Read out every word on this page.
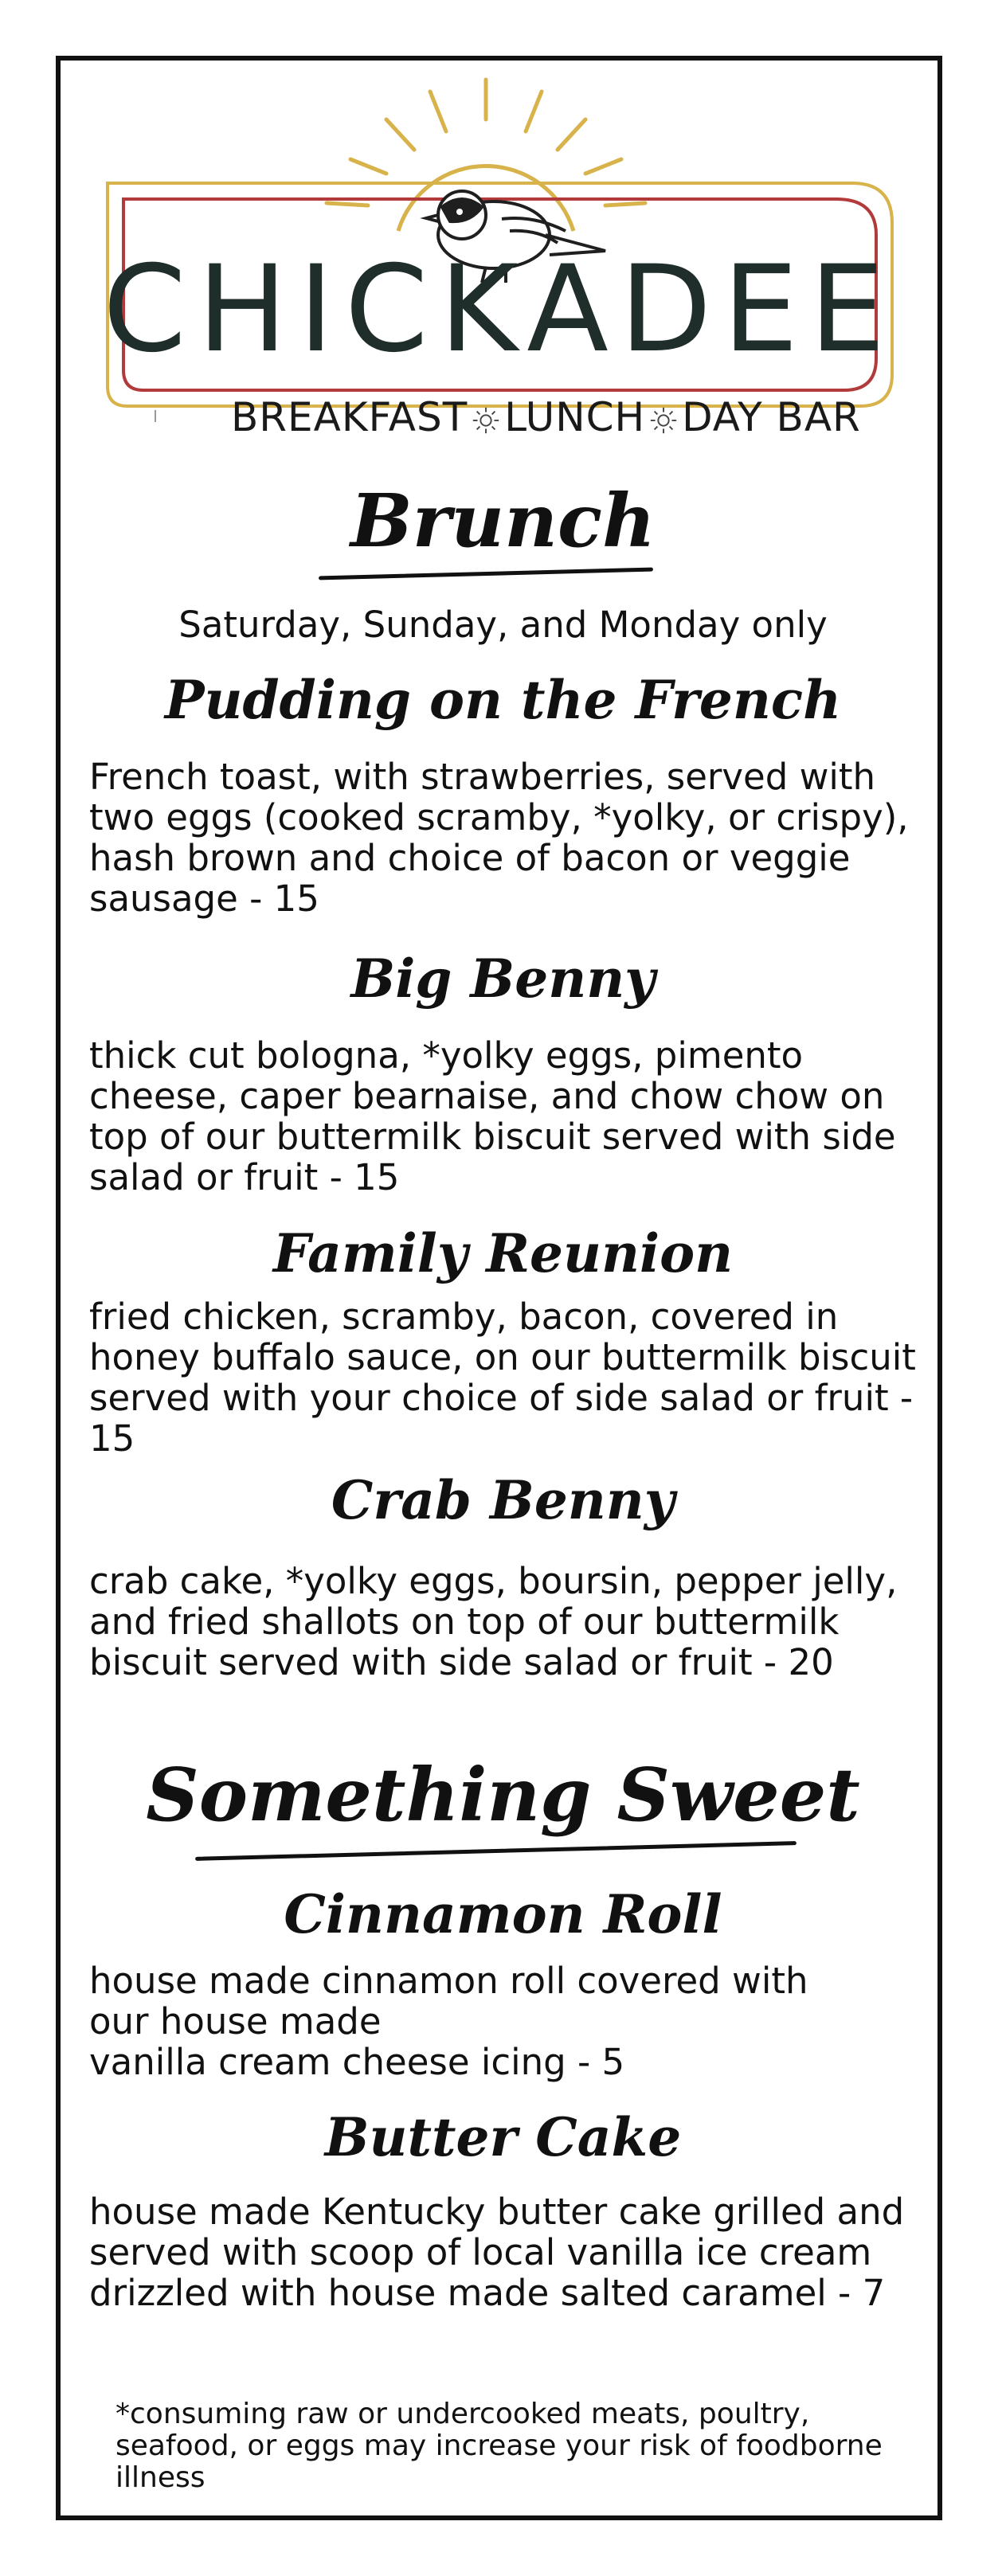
CHICKADEE
BREAKFAST LUNCH DAY BAR
Brunch
Saturday, Sunday, and Monday only
Pudding on the French
French toast, with strawberries, served with two eggs (cooked scramby, *yolky, or crispy), hash brown and choice of bacon or veggie sausage - 15
Big Benny
thick cut bologna, *yolky eggs, pimento cheese, caper bearnaise, and chow chow on top of our buttermilk biscuit served with side salad or fruit - 15
Family Reunion
fried chicken, scramby, bacon, covered in honey buffalo sauce, on our buttermilk biscuit served with your choice of side salad or fruit - 15
Crab Benny
crab cake, *yolky eggs, boursin, pepper jelly, and fried shallots on top of our buttermilk biscuit served with side salad or fruit - 20
Something Sweet
Cinnamon Roll
house made cinnamon roll covered with
our house made
vanilla cream cheese icing - 5
Butter Cake
house made Kentucky butter cake grilled and served with scoop of local vanilla ice cream drizzled with house made salted caramel - 7
*consuming raw or undercooked meats, poultry, seafood, or eggs may increase your risk of foodborne illness
